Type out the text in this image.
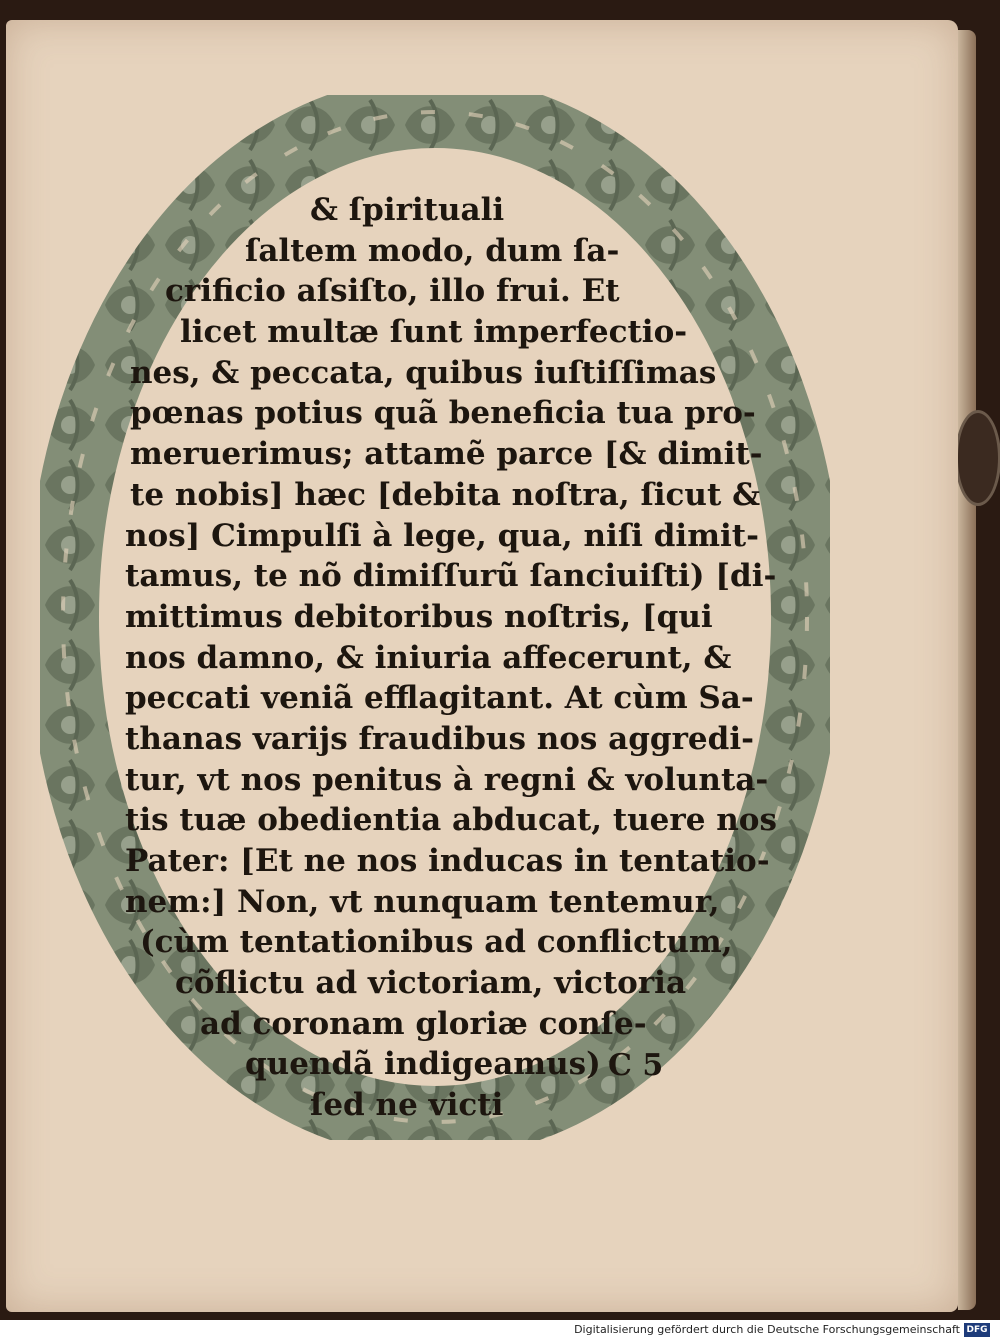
& ſpirituali
ſaltem modo, dum ſa-
crificio aſsiſto, illo frui. Et
licet multæ ſunt imperfectio-
nes, & peccata, quibus iuſtiſſimas
pœnas potius quã beneficia tua pro-
meruerimus; attamẽ parce [& dimit-
te nobis] hæc [debita noſtra, ſicut &
nos] Cimpulſi à lege, qua, niſi dimit-
tamus, te nõ dimiſſurũ ſanciuiſti) [di-
mittimus debitoribus noſtris, [qui
nos damno, & iniuria affecerunt, &
peccati veniã efflagitant. At cùm Sa-
thanas varijs fraudibus nos aggredi-
tur, vt nos penitus à regni & volunta-
tis tuæ obedientia abducat, tuere nos
Pater: [Et ne nos inducas in tentatio-
nem:] Non, vt nunquam tentemur,
(cùm tentationibus ad conflictum,
cõflictu ad victoriam, victoria
ad coronam gloriæ conſe-
quendã indigeamus)
ſed ne victi
C 5
Digitalisierung gefördert durch die Deutsche Forschungsgemeinschaft DFG
